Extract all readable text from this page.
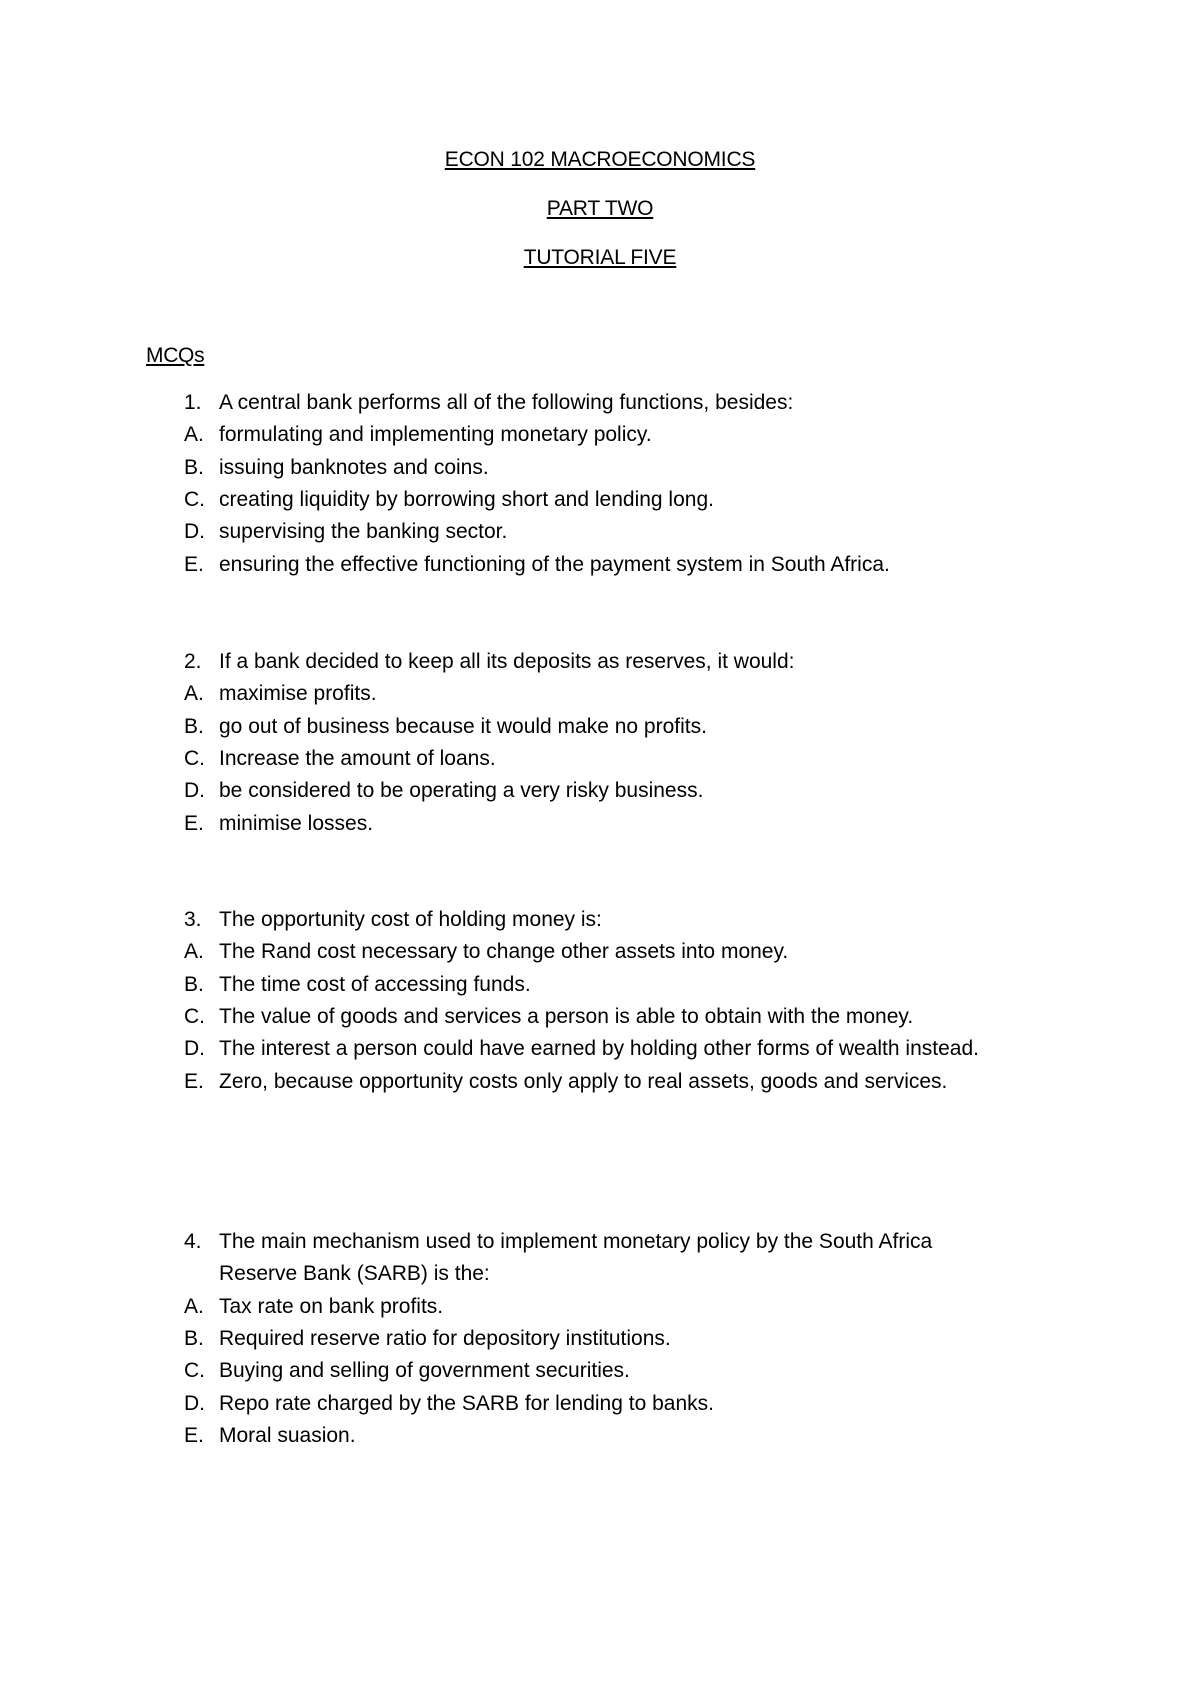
ECON 102 MACROECONOMICS
PART TWO
TUTORIAL FIVE
MCQs
1. A central bank performs all of the following functions, besides:
A. formulating and implementing monetary policy.
B. issuing banknotes and coins.
C. creating liquidity by borrowing short and lending long.
D. supervising the banking sector.
E. ensuring the effective functioning of the payment system in South Africa.
2. If a bank decided to keep all its deposits as reserves, it would:
A. maximise profits.
B. go out of business because it would make no profits.
C. Increase the amount of loans.
D. be considered to be operating a very risky business.
E. minimise losses.
3. The opportunity cost of holding money is:
A. The Rand cost necessary to change other assets into money.
B. The time cost of accessing funds.
C. The value of goods and services a person is able to obtain with the money.
D. The interest a person could have earned by holding other forms of wealth instead.
E. Zero, because opportunity costs only apply to real assets, goods and services.
4. The main mechanism used to implement monetary policy by the South Africa
Reserve Bank (SARB) is the:
A. Tax rate on bank profits.
B. Required reserve ratio for depository institutions.
C. Buying and selling of government securities.
D. Repo rate charged by the SARB for lending to banks.
E. Moral suasion.
